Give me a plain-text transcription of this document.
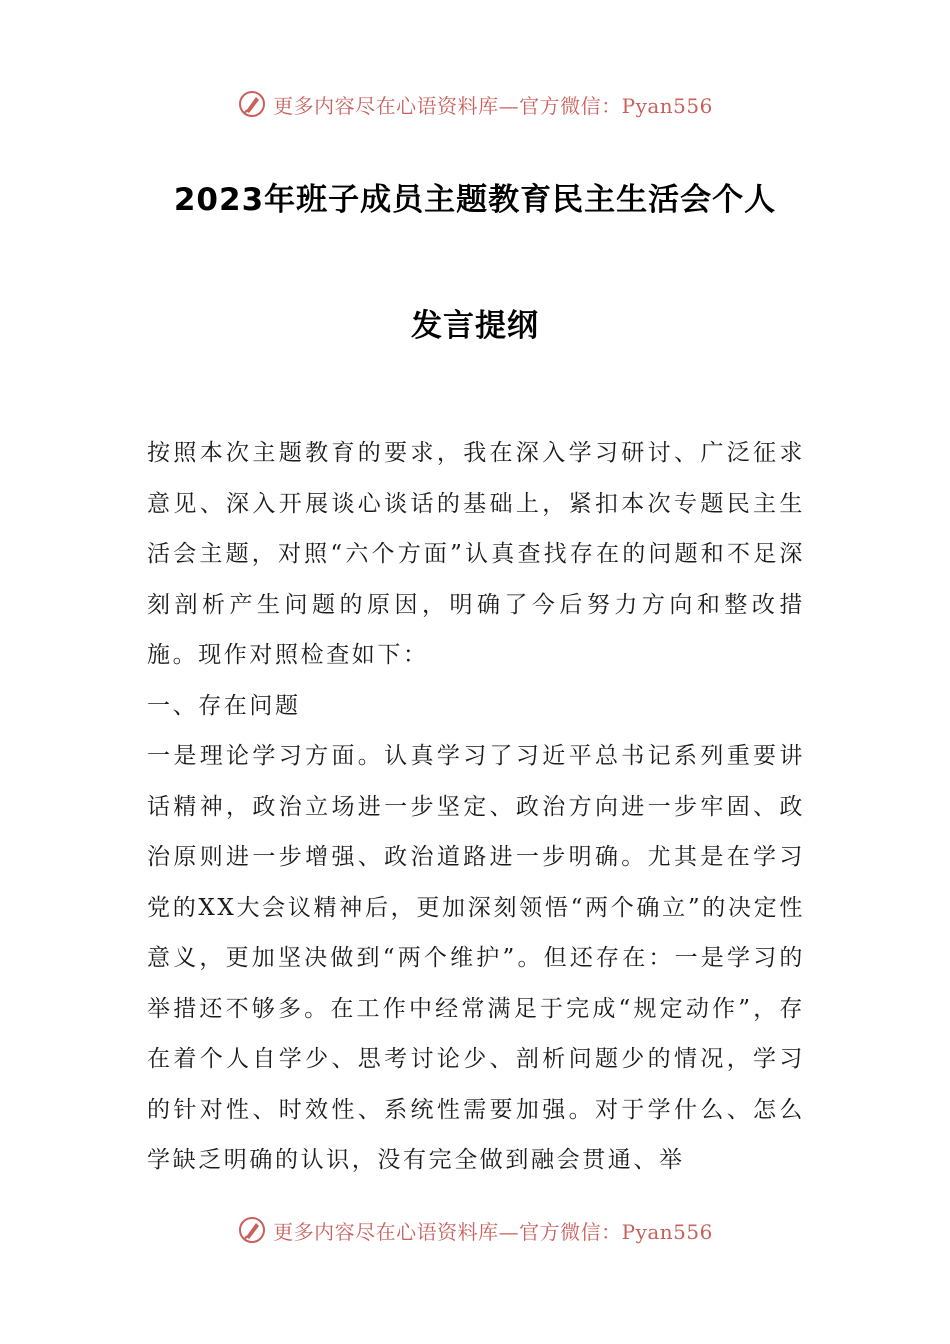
更多内容尽在心语资料库—官方微信：Pyan556
2023年班子成员主题教育民主生活会个人
发言提纲

按照本次主题教育的要求，我在深入学习研讨、广泛征求意见、深入开展谈心谈话的基础上，紧扣本次专题民主生活会主题，对照“六个方面”认真查找存在的问题和不足深刻剖析产生问题的原因，明确了今后努力方向和整改措施。现作对照检查如下：

一、存在问题

一是理论学习方面。认真学习了习近平总书记系列重要讲话精神，政治立场进一步坚定、政治方向进一步牢固、政治原则进一步增强、政治道路进一步明确。尤其是在学习党的XX大会议精神后，更加深刻领悟“两个确立”的决定性意义，更加坚决做到“两个维护”。但还存在：一是学习的举措还不够多。在工作中经常满足于完成“规定动作”，存在着个人自学少、思考讨论少、剖析问题少的情况，学习的针对性、时效性、系统性需要加强。对于学什么、怎么学缺乏明确的认识，没有完全做到融会贯通、举

更多内容尽在心语资料库—官方微信：Pyan556
